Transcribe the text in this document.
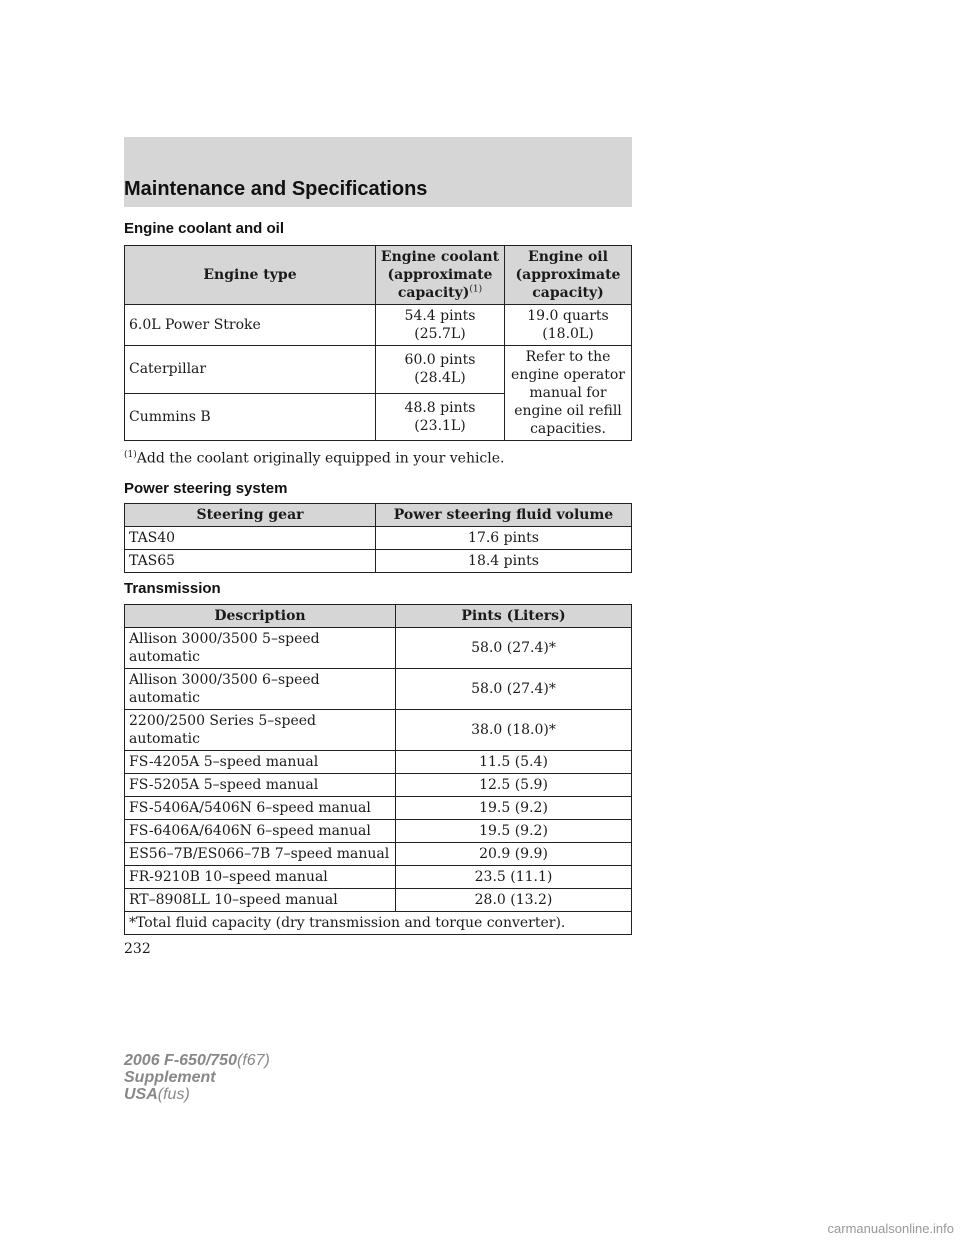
Maintenance and Specifications
Engine coolant and oil
Engine type	Engine coolant (approximate capacity)$^{(1)}$	Engine oil (approximate capacity)
6.0L Power Stroke	54.4 pints (25.7L)	19.0 quarts (18.0L)
Caterpillar	60.0 pints (28.4L)	Refer to the engine operator manual for engine oil refill capacities.
Cummins B	48.8 pints (23.1L)	
$^{(1)}$Add the coolant originally equipped in your vehicle.
Power steering system
Steering gear	Power steering fluid volume
TAS40	17.6 pints
TAS65	18.4 pints
Transmission
Description	Pints (Liters)
Allison 3000/3500 5–speed automatic	58.0 (27.4)*
Allison 3000/3500 6–speed automatic	58.0 (27.4)*
2200/2500 Series 5–speed automatic	38.0 (18.0)*
FS-4205A 5–speed manual	11.5 (5.4)
FS-5205A 5–speed manual	12.5 (5.9)
FS-5406A/5406N 6–speed manual	19.5 (9.2)
FS-6406A/6406N 6–speed manual	19.5 (9.2)
ES56–7B/ES066–7B 7–speed manual	20.9 (9.9)
FR-9210B 10–speed manual	23.5 (11.1)
RT–8908LL 10–speed manual	28.0 (13.2)
*Total fluid capacity (dry transmission and torque converter).	
232
2006 F-650/750(f67)
Supplement
USA(fus)
carmanualsonline.info
